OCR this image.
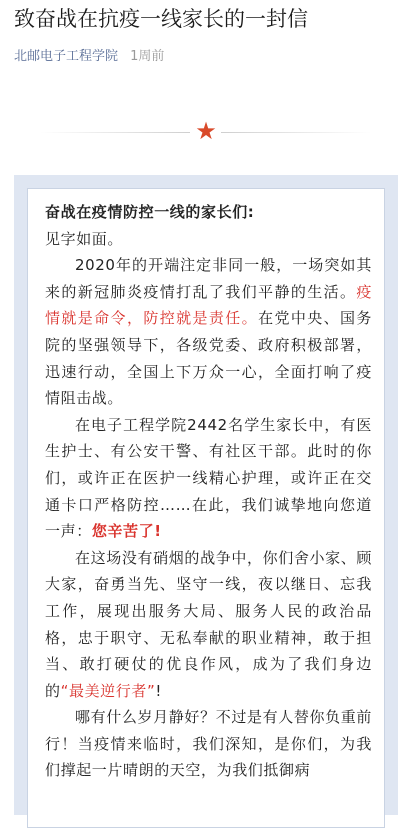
致奋战在抗疫一线家长的一封信
北邮电子工程学院 1周前
★

奋战在疫情防控一线的家长们:

见字如面。

2020年的开端注定非同一般，一场突如其来的新冠肺炎疫情打乱了我们平静的生活。疫情就是命令，防控就是责任。在党中央、国务院的坚强领导下，各级党委、政府积极部署，迅速行动，全国上下万众一心，全面打响了疫情阻击战。

在电子工程学院2442名学生家长中，有医生护士、有公安干警、有社区干部。此时的你们，或许正在医护一线精心护理，或许正在交通卡口严格防控……在此，我们诚挚地向您道一声：您辛苦了!

在这场没有硝烟的战争中，你们舍小家、顾大家，奋勇当先、坚守一线，夜以继日、忘我工作，展现出服务大局、服务人民的政治品格，忠于职守、无私奉献的职业精神，敢于担当、敢打硬仗的优良作风，成为了我们身边的“最美逆行者”!

哪有什么岁月静好？不过是有人替你负重前行！当疫情来临时，我们深知，是你们，为我们撑起一片晴朗的天空，为我们抵御病
